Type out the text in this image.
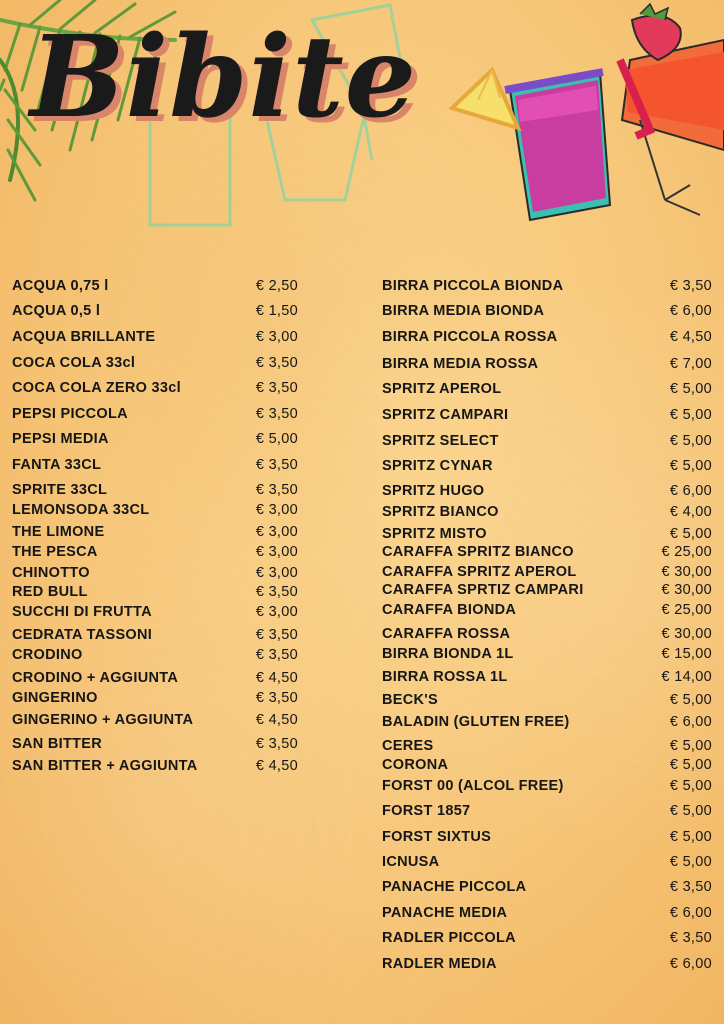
Bibite
ACQUA 0,75 l	€ 2,50
ACQUA 0,5 l	€ 1,50
ACQUA BRILLANTE	€ 3,00
COCA COLA 33cl	€ 3,50
COCA COLA ZERO 33cl	€ 3,50
PEPSI PICCOLA	€ 3,50
PEPSI MEDIA	€ 5,00
FANTA 33CL	€ 3,50
SPRITE 33CL	€ 3,50
LEMONSODA 33CL	€ 3,00
THE LIMONE	€ 3,00
THE PESCA	€ 3,00
CHINOTTO	€ 3,00
RED BULL	€ 3,50
SUCCHI DI FRUTTA	€ 3,00
CEDRATA TASSONI	€ 3,50
CRODINO	€ 3,50
CRODINO + AGGIUNTA	€ 4,50
GINGERINO	€ 3,50
GINGERINO + AGGIUNTA	€ 4,50
SAN BITTER	€ 3,50
SAN BITTER + AGGIUNTA	€ 4,50
BIRRA PICCOLA BIONDA	€ 3,50
BIRRA MEDIA BIONDA	€ 6,00
BIRRA PICCOLA ROSSA	€ 4,50
BIRRA MEDIA ROSSA	€ 7,00
SPRITZ APEROL	€ 5,00
SPRITZ CAMPARI	€ 5,00
SPRITZ SELECT	€ 5,00
SPRITZ CYNAR	€ 5,00
SPRITZ HUGO	€ 6,00
SPRITZ BIANCO	€ 4,00
SPRITZ MISTO	€ 5,00
CARAFFA SPRITZ BIANCO	€ 25,00
CARAFFA SPRITZ APEROL	€ 30,00
CARAFFA SPRTIZ CAMPARI	€ 30,00
CARAFFA BIONDA	€ 25,00
CARAFFA ROSSA	€ 30,00
BIRRA BIONDA 1L	€ 15,00
BIRRA ROSSA 1L	€ 14,00
BECK'S	€ 5,00
BALADIN (GLUTEN FREE)	€ 6,00
CERES	€ 5,00
CORONA	€ 5,00
FORST 00 (ALCOL FREE)	€ 5,00
FORST 1857	€ 5,00
FORST SIXTUS	€ 5,00
ICNUSA	€ 5,00
PANACHE PICCOLA	€ 3,50
PANACHE MEDIA	€ 6,00
RADLER PICCOLA	€ 3,50
RADLER MEDIA	€ 6,00
